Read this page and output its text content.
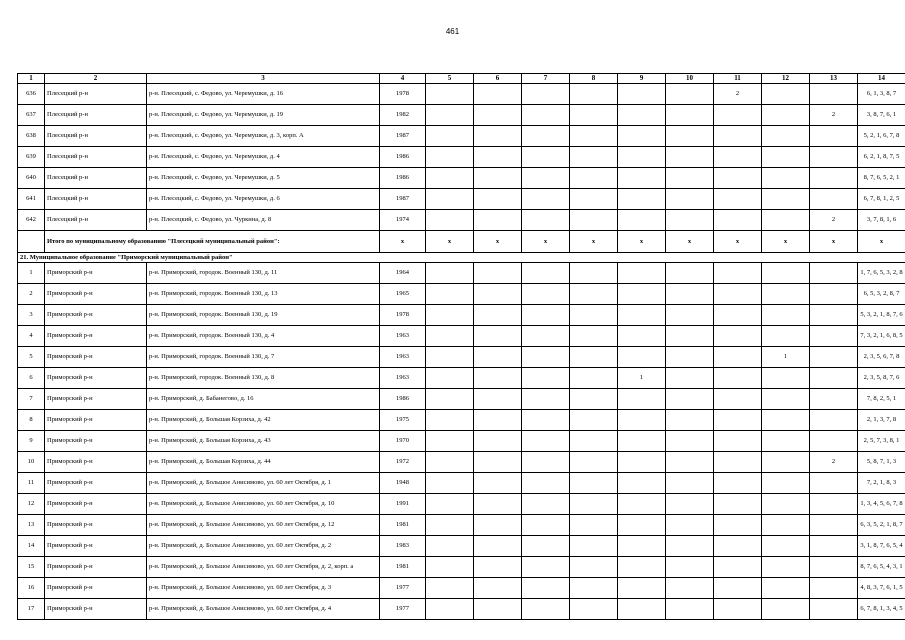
461
1	2	3	4	5	6	7	8	9	10	11	12	13	14
636	Плесецкий р-н	р-н. Плесецкий, с. Федово, ул. Черемушки, д. 16	1978							2			6, 1, 3, 8, 7
637	Плесецкий р-н	р-н. Плесецкий, с. Федово, ул. Черемушки, д. 19	1982									2	3, 8, 7, 6, 1
638	Плесецкий р-н	р-н. Плесецкий, с. Федово, ул. Черемушки, д. 3, корп. А	1987										5, 2, 1, 6, 7, 8
639	Плесецкий р-н	р-н. Плесецкий, с. Федово, ул. Черемушки, д. 4	1986										6, 2, 1, 8, 7, 5
640	Плесецкий р-н	р-н. Плесецкий, с. Федово, ул. Черемушки, д. 5	1986										8, 7, 6, 5, 2, 1
641	Плесецкий р-н	р-н. Плесецкий, с. Федово, ул. Черемушки, д. 6	1987										6, 7, 8, 1, 2, 5
642	Плесецкий р-н	р-н. Плесецкий, с. Федово, ул. Чуркина, д. 8	1974									2	3, 7, 8, 1, 6
	Итого по муниципальному образованию "Плесецкий муниципальный район":		x	x	x	x	x	x	x	x	x	x	x
21. Муниципальное образование "Приморский муниципальный район"													
1	Приморский р-н	р-н. Приморский, городок. Военный 130, д. 11	1964										1, 7, 6, 5, 3, 2, 8
2	Приморский р-н	р-н. Приморский, городок. Военный 130, д. 13	1965										6, 5, 3, 2, 8, 7
3	Приморский р-н	р-н. Приморский, городок. Военный 130, д. 19	1978										5, 3, 2, 1, 8, 7, 6
4	Приморский р-н	р-н. Приморский, городок. Военный 130, д. 4	1963										7, 3, 2, 1, 6, 8, 5
5	Приморский р-н	р-н. Приморский, городок. Военный 130, д. 7	1963								1		2, 3, 5, 6, 7, 8
6	Приморский р-н	р-н. Приморский, городок. Военный 130, д. 8	1963					1					2, 3, 5, 8, 7, 6
7	Приморский р-н	р-н. Приморский, д. Бабанегово, д. 16	1986										7, 8, 2, 5, 1
8	Приморский р-н	р-н. Приморский, д. Большая Корзиха, д. 42	1975										2, 1, 3, 7, 8
9	Приморский р-н	р-н. Приморский, д. Большая Корзиха, д. 43	1970										2, 5, 7, 3, 8, 1
10	Приморский р-н	р-н. Приморский, д. Большая Корзиха, д. 44	1972									2	5, 8, 7, 1, 3
11	Приморский р-н	р-н. Приморский, д. Большое Анисимово, ул. 60 лет Октября, д. 1	1948										7, 2, 1, 8, 3
12	Приморский р-н	р-н. Приморский, д. Большое Анисимово, ул. 60 лет Октября, д. 10	1991										1, 3, 4, 5, 6, 7, 8
13	Приморский р-н	р-н. Приморский, д. Большое Анисимово, ул. 60 лет Октября, д. 12	1981										6, 3, 5, 2, 1, 8, 7
14	Приморский р-н	р-н. Приморский, д. Большое Анисимово, ул. 60 лет Октября, д. 2	1983										3, 1, 8, 7, 6, 5, 4
15	Приморский р-н	р-н. Приморский, д. Большое Анисимово, ул. 60 лет Октября, д. 2, корп. а	1981										8, 7, 6, 5, 4, 3, 1
16	Приморский р-н	р-н. Приморский, д. Большое Анисимово, ул. 60 лет Октября, д. 3	1977										4, 8, 3, 7, 6, 1, 5
17	Приморский р-н	р-н. Приморский, д. Большое Анисимово, ул. 60 лет Октября, д. 4	1977										6, 7, 8, 1, 3, 4, 5
